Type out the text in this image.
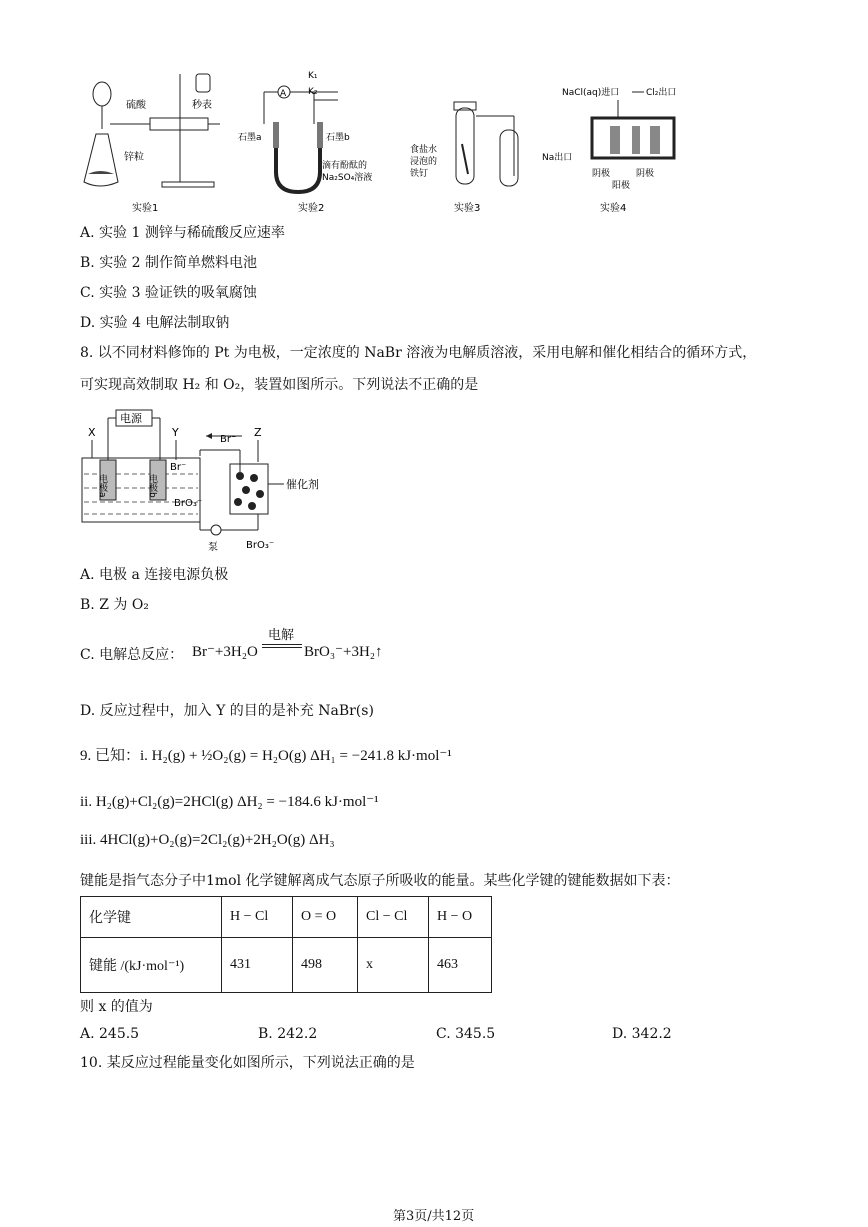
硫酸	秒表
锌粒
实验1
A
K₁
K₂
石墨a	石墨b
滴有酚酞的
Na₂SO₄溶液
实验2
食盐水
浸泡的
铁钉
实验3
NaCl(aq)进口	Cl₂出口
Na出口
阴极
阳极
阴极
实验4
A. 实验 1 测锌与稀硫酸反应速率
B. 实验 2 制作简单燃料电池
C. 实验 3 验证铁的吸氧腐蚀
D. 实验 4 电解法制取钠
8. 以不同材料修饰的 Pt 为电极，一定浓度的 NaBr 溶液为电解质溶液，采用电解和催化相结合的循环方式，
可实现高效制取 H₂ 和 O₂，装置如图所示。下列说法不正确的是
电源
X	Y
电极a	电极b
Br⁻
BrO₃⁻
Br⁻
Z
催化剂
泵	BrO₃⁻
A. 电极 a 连接电源负极
B. Z 为 O₂
C. 电解总反应： Br⁻+3H₂O
电解
BrO₃⁻+3H₂↑
D. 反应过程中，加入 Y 的目的是补充 NaBr(s)
9. 已知：i. H₂(g) + ½O₂(g) = H₂O(g) ΔH₁ = −241.8 kJ·mol⁻¹
ii. H₂(g)+Cl₂(g)=2HCl(g) ΔH₂ = −184.6 kJ·mol⁻¹
iii. 4HCl(g)+O₂(g)=2Cl₂(g)+2H₂O(g) ΔH₃
键能是指气态分子中1mol 化学键解离成气态原子所吸收的能量。某些化学键的键能数据如下表：
化学键	H − Cl	O = O	Cl − Cl	H − O
键能 /(kJ·mol⁻¹)	431	498	x	463
则 x 的值为
A. 245.5	B. 242.2	C. 345.5	D. 342.2
10. 某反应过程能量变化如图所示，下列说法正确的是
第3页/共12页
